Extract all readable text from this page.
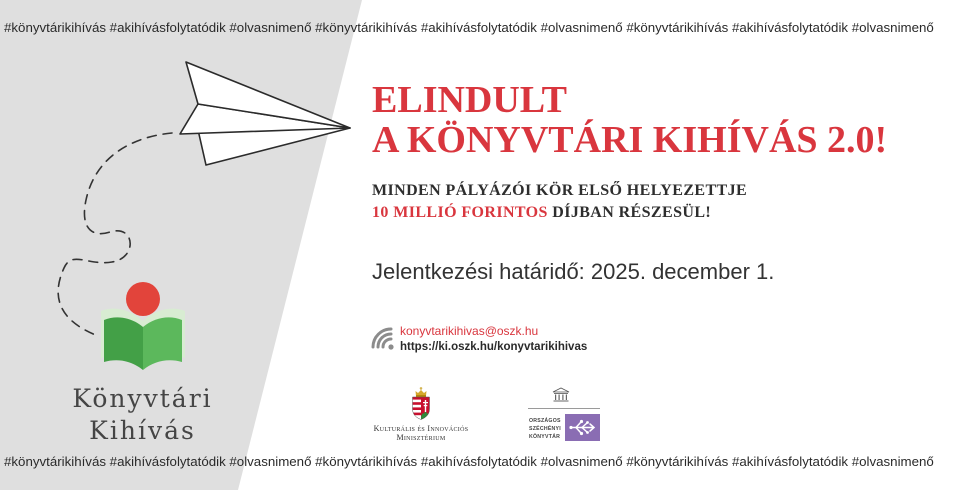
#könyvtárikihívás #akihívásfolytatódik #olvasnimenő #könyvtárikihívás #akihívásfolytatódik #olvasnimenő #könyvtárikihívás #akihívásfolytatódik #olvasnimenő
Könyvtári
Kihívás
ELINDULT
A KÖNYVTÁRI KIHÍVÁS 2.0!
MINDEN PÁLYÁZÓI KÖR ELSŐ HELYEZETTJE
10 MILLIÓ FORINTOS DÍJBAN RÉSZESÜL!
Jelentkezési határidő: 2025. december 1.
konyvtarikihivas@oszk.hu
https://ki.oszk.hu/konyvtarikihivas
Kulturális és Innovációs
Minisztérium
ORSZÁGOS
SZÉCHÉNYI
KÖNYVTÁR
#könyvtárikihívás #akihívásfolytatódik #olvasnimenő #könyvtárikihívás #akihívásfolytatódik #olvasnimenő #könyvtárikihívás #akihívásfolytatódik #olvasnimenő
